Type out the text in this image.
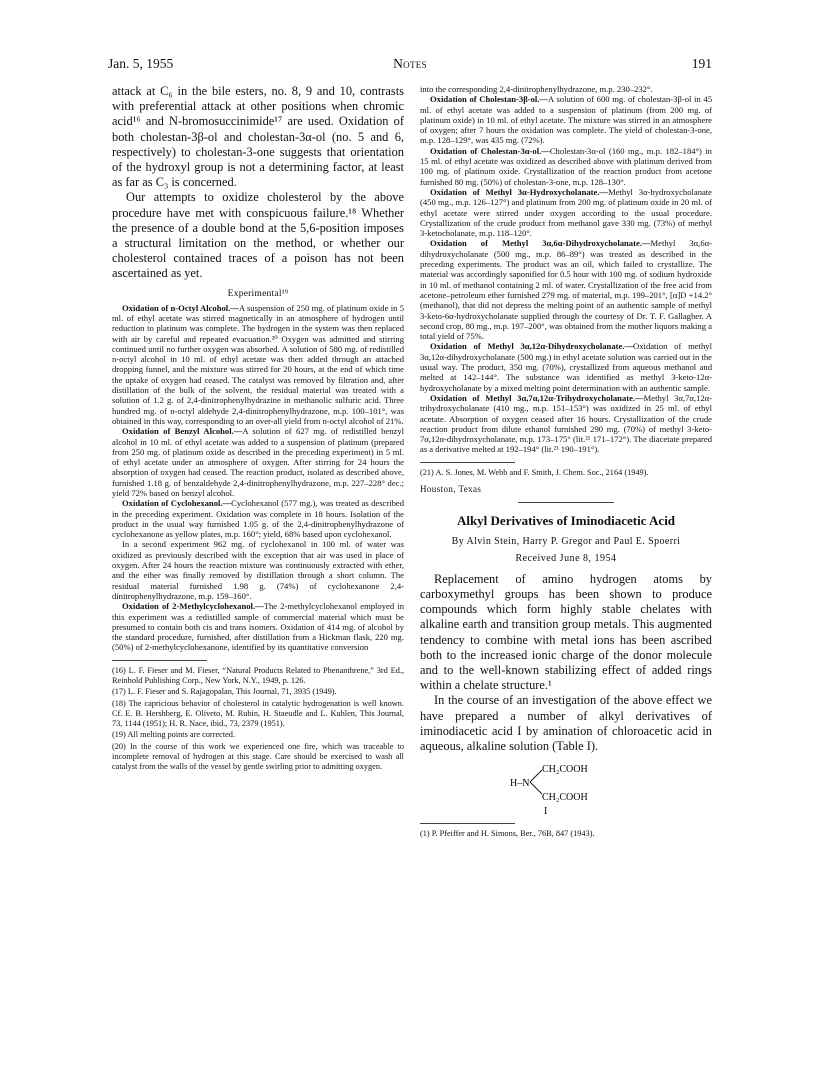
Jan. 5, 1955	Notes	191

attack at C₆ in the bile esters, no. 8, 9 and 10, contrasts with preferential attack at other positions when chromic acid¹⁶ and N-bromosuccinimide¹⁷ are used. Oxidation of both cholestan-3β-ol and cholestan-3α-ol (no. 5 and 6, respectively) to cholestan-3-one suggests that orientation of the hydroxyl group is not a determining factor, at least as far as C₃ is concerned.

Our attempts to oxidize cholesterol by the above procedure have met with conspicuous failure.¹⁸ Whether the presence of a double bond at the 5,6-position imposes a structural limitation on the method, or whether our cholesterol contained traces of a poison has not been ascertained as yet.

Experimental¹⁹

Oxidation of n-Octyl Alcohol.—A suspension of 250 mg. of platinum oxide in 5 ml. of ethyl acetate was stirred magnetically in an atmosphere of hydrogen until reduction to platinum was complete. The hydrogen in the system was then replaced with air by careful and repeated evacuation.²⁰ Oxygen was admitted and stirring continued until no further oxygen was absorbed. A solution of 580 mg. of redistilled n-octyl alcohol in 10 ml. of ethyl acetate was then added through an attached dropping funnel, and the mixture was stirred for 20 hours, at the end of which time the uptake of oxygen had ceased. The catalyst was removed by filtration and, after distillation of the bulk of the solvent, the residual material was treated with a solution of 1.2 g. of 2,4-dinitrophenylhydrazine in methanolic sulfuric acid. Three hundred mg. of n-octyl aldehyde 2,4-dinitrophenylhydrazone, m.p. 100–101°, was obtained in this way, corresponding to an over-all yield from n-octyl alcohol of 21%.

Oxidation of Benzyl Alcohol.—A solution of 627 mg. of redistilled benzyl alcohol in 10 ml. of ethyl acetate was added to a suspension of platinum (prepared from 250 mg. of platinum oxide as described in the preceding experiment) in 5 ml. of ethyl acetate under an atmosphere of oxygen. After stirring for 24 hours the absorption of oxygen had ceased. The reaction product, isolated as described above, furnished 1.18 g. of benzaldehyde 2,4-dinitrophenylhydrazone, m.p. 227–228° dec.; yield 72% based on benzyl alcohol.

Oxidation of Cyclohexanol.—Cyclohexanol (577 mg.), was treated as described in the preceding experiment. Oxidation was complete in 18 hours. Isolation of the product in the usual way furnished 1.05 g. of the 2,4-dinitrophenylhydrazone of cyclohexanone as yellow plates, m.p. 160°; yield, 68% based upon cyclohexanol.

In a second experiment 962 mg. of cyclohexanol in 100 ml. of water was oxidized as previously described with the exception that air was used in place of oxygen. After 24 hours the reaction mixture was continuously extracted with ether, and the ether was finally removed by distillation through a short column. The residual material furnished 1.98 g. (74%) of cyclohexanone 2,4-dinitrophenylhydrazone, m.p. 159–160°.

Oxidation of 2-Methylcyclohexanol.—The 2-methylcyclohexanol employed in this experiment was a redistilled sample of commercial material which must be presumed to contain both cis and trans isomers. Oxidation of 414 mg. of alcohol by the standard procedure, furnished, after distillation from a Hickman flask, 220 mg. (50%) of 2-methylcyclohexanone, identified by its quantitative conversion

(16) L. F. Fieser and M. Fieser, “Natural Products Related to Phenanthrene,” 3rd Ed., Reinhold Publishing Corp., New York, N.Y., 1949, p. 126.
(17) L. F. Fieser and S. Rajagopalan, This Journal, 71, 3935 (1949).
(18) The capricious behavior of cholesterol in catalytic hydrogenation is well known. Cf. E. B. Hershberg, E. Oliveto, M. Rubin, H. Staeudle and L. Kuhlen, This Journal, 73, 1144 (1951); H. R. Nace, ibid., 73, 2379 (1951).
(19) All melting points are corrected.
(20) In the course of this work we experienced one fire, which was traceable to incomplete removal of hydrogen at this stage. Care should be exercised to wash all catalyst from the walls of the vessel by gentle swirling prior to admitting oxygen.

into the corresponding 2,4-dinitrophenylhydrazone, m.p. 230–232°.

Oxidation of Cholestan-3β-ol.—A solution of 600 mg. of cholestan-3β-ol in 45 ml. of ethyl acetate was added to a suspension of platinum (from 200 mg. of platinum oxide) in 10 ml. of ethyl acetate. The mixture was stirred in an atmosphere of oxygen; after 7 hours the oxidation was complete. The yield of cholestan-3-one, m.p. 128–129°, was 435 mg. (72%).

Oxidation of Cholestan-3α-ol.—Cholestan-3α-ol (160 mg., m.p. 182–184°) in 15 ml. of ethyl acetate was oxidized as described above with platinum derived from 100 mg. of platinum oxide. Crystallization of the reaction product from acetone furnished 80 mg. (50%) of cholestan-3-one, m.p. 128–130°.

Oxidation of Methyl 3α-Hydroxycholanate.—Methyl 3α-hydroxycholanate (450 mg., m.p. 126–127°) and platinum from 200 mg. of platinum oxide in 20 ml. of ethyl acetate were stirred under oxygen according to the usual procedure. Crystallization of the crude product from methanol gave 330 mg. (73%) of methyl 3-ketocholanate, m.p. 118–120°.

Oxidation of Methyl 3α,6α-Dihydroxycholanate.—Methyl 3α,6α-dihydroxycholanate (500 mg., m.p. 86–89°) was treated as described in the preceding experiments. The product was an oil, which failed to crystallize. The material was accordingly saponified for 0.5 hour with 100 mg. of sodium hydroxide in 10 ml. of methanol containing 2 ml. of water. Crystallization of the free acid from acetone–petroleum ether furnished 279 mg. of material, m.p. 199–201°, [α]D +14.2° (methanol), that did not depress the melting point of an authentic sample of methyl 3-keto-6α-hydroxycholanate supplied through the courtesy of Dr. T. F. Gallagher. A second crop, 80 mg., m.p. 197–200°, was obtained from the mother liquors making a total yield of 75%.

Oxidation of Methyl 3α,12α-Dihydroxycholanate.—Oxidation of methyl 3α,12α-dihydroxycholanate (500 mg.) in ethyl acetate solution was carried out in the usual way. The product, 350 mg. (70%), crystallized from aqueous methanol and melted at 142–144°. The substance was identified as methyl 3-keto-12α-hydroxycholanate by a mixed melting point determination with an authentic sample.

Oxidation of Methyl 3α,7α,12α-Trihydroxycholanate.—Methyl 3α,7α,12α-trihydroxycholanate (410 mg., m.p. 151–153°) was oxidized in 25 ml. of ethyl acetate. Absorption of oxygen ceased after 16 hours. Crystallization of the crude reaction product from dilute ethanol furnished 290 mg. (70%) of methyl 3-keto-7α,12α-dihydroxycholanate, m.p. 173–175° (lit.²¹ 171–172°). The diacetate prepared as a derivative melted at 192–194° (lit.²¹ 190–191°).

(21) A. S. Jones, M. Webb and F. Smith, J. Chem. Soc., 2164 (1949).
Houston, Texas
Alkyl Derivatives of Iminodiacetic Acid
By Alvin Stein, Harry P. Gregor and Paul E. Spoerri
Received June 8, 1954

Replacement of amino hydrogen atoms by carboxymethyl groups has been shown to produce compounds which form highly stable chelates with alkaline earth and transition group metals. This augmented tendency to combine with metal ions has been ascribed both to the increased ionic charge of the donor molecule and to the well-known stabilizing effect of added rings within a chelate structure.¹

In the course of an investigation of the above effect we have prepared a number of alkyl derivatives of iminodiacetic acid I by amination of chloroacetic acid in aqueous, alkaline solution (Table I).

H–N
CH₂COOH
CH₂COOH
I
(1) P. Pfeiffer and H. Simons, Ber., 76B, 847 (1943).
